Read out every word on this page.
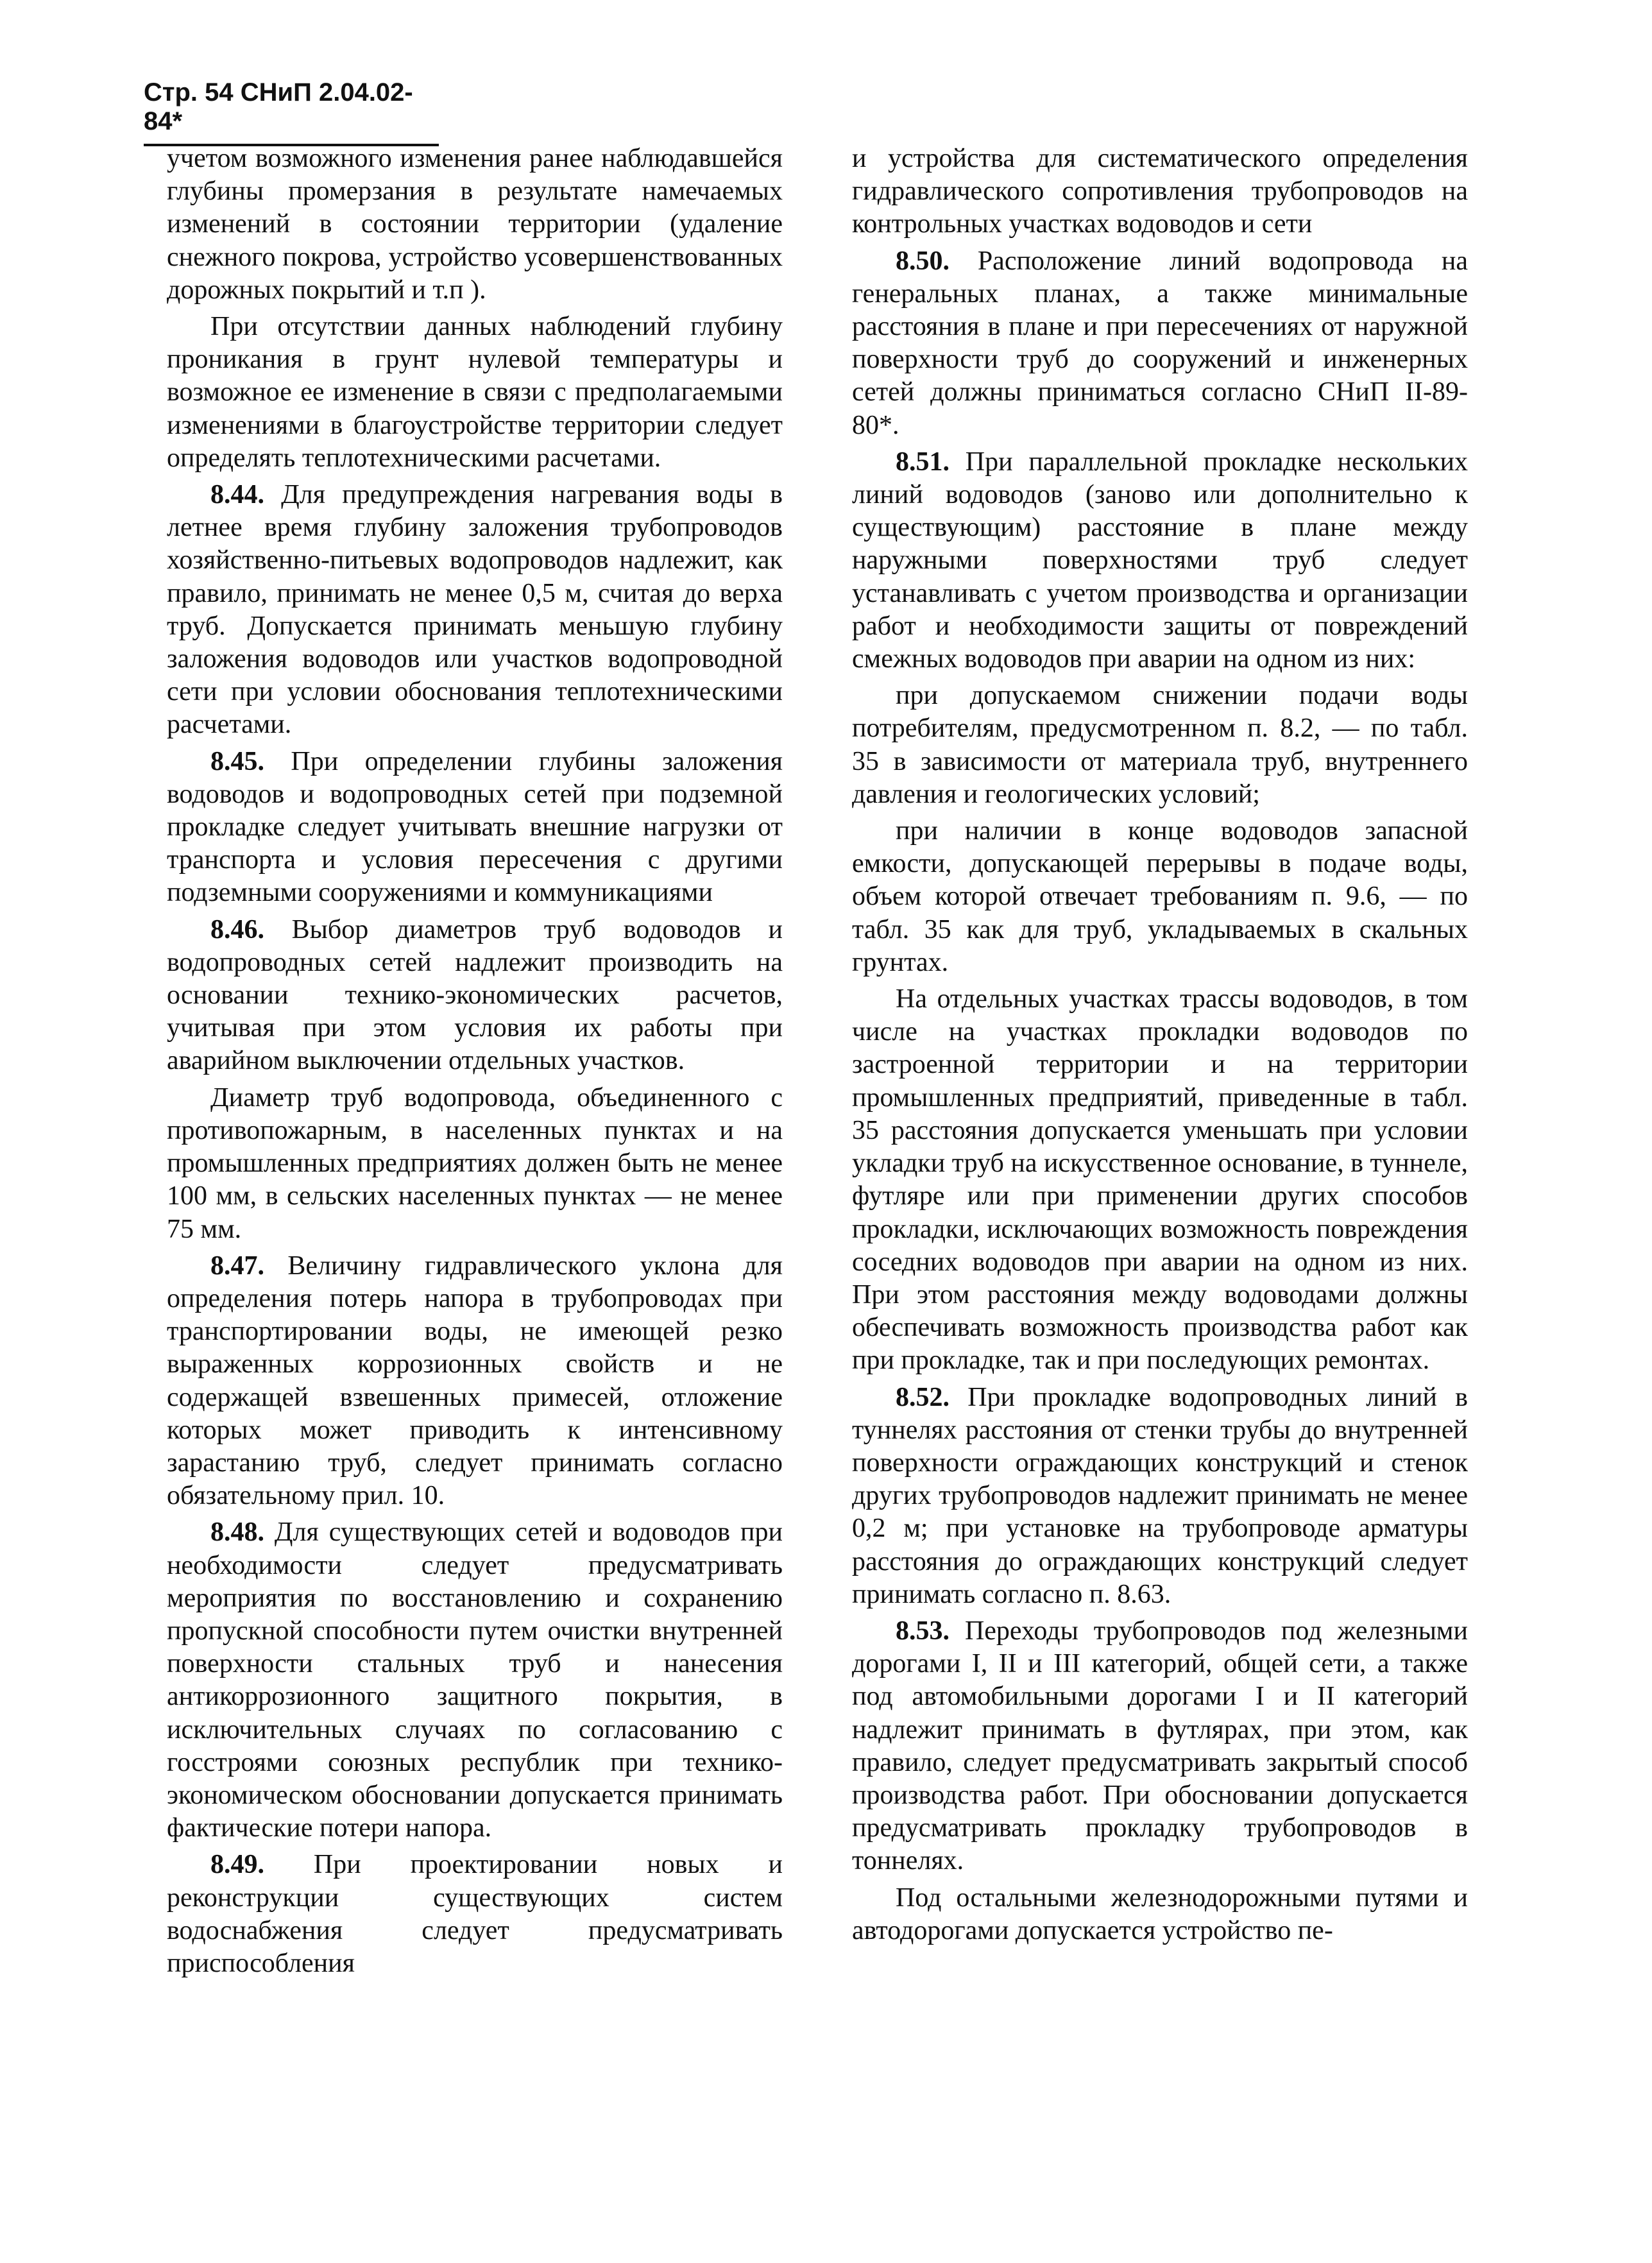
Стр. 54 СНиП 2.04.02-84*

учетом возможного изменения ранее наблюдавшейся глубины промерзания в результате намечаемых изменений в состоянии территории (удаление снежного покрова, устройство усовершенствованных дорожных покрытий и т.п ).

При отсутствии данных наблюдений глубину проникания в грунт нулевой температуры и возможное ее изменение в связи с предполагаемыми изменениями в благоустройстве территории следует определять теплотехническими расчетами.

8.44. Для предупреждения нагревания воды в летнее время глубину заложения трубопроводов хозяйственно-питьевых водопроводов надлежит, как правило, принимать не менее 0,5 м, считая до верха труб. Допускается принимать меньшую глубину заложения водоводов или участков водопроводной сети при условии обоснования теплотехническими расчетами.

8.45. При определении глубины заложения водоводов и водопроводных сетей при подземной прокладке следует учитывать внешние нагрузки от транспорта и условия пересечения с другими подземными сооружениями и коммуникациями

8.46. Выбор диаметров труб водоводов и водопроводных сетей надлежит производить на основании технико-экономических расчетов, учитывая при этом условия их работы при аварийном выключении отдельных участков.

Диаметр труб водопровода, объединенного с противопожарным, в населенных пунктах и на промышленных предприятиях должен быть не менее 100 мм, в сельских населенных пунктах — не менее 75 мм.

8.47. Величину гидравлического уклона для определения потерь напора в трубопроводах при транспортировании воды, не имеющей резко выраженных коррозионных свойств и не содержащей взвешенных примесей, отложение которых может приводить к интенсивному зарастанию труб, следует принимать согласно обязательному прил. 10.

8.48. Для существующих сетей и водоводов при необходимости следует предусматривать мероприятия по восстановлению и сохранению пропускной способности путем очистки внутренней поверхности стальных труб и нанесения антикоррозионного защитного покрытия, в исключительных случаях по согласованию с госстроями союзных республик при технико-экономическом обосновании допускается принимать фактические потери напора.

8.49. При проектировании новых и реконструкции существующих систем водоснабжения следует предусматривать приспособления

и устройства для систематического определения гидравлического сопротивления трубопроводов на контрольных участках водоводов и сети

8.50. Расположение линий водопровода на генеральных планах, а также минимальные расстояния в плане и при пересечениях от наружной поверхности труб до сооружений и инженерных сетей должны приниматься согласно СНиП II-89-80*.

8.51. При параллельной прокладке нескольких линий водоводов (заново или дополнительно к существующим) расстояние в плане между наружными поверхностями труб следует устанавливать с учетом производства и организации работ и необходимости защиты от повреждений смежных водоводов при аварии на одном из них:

при допускаемом снижении подачи воды потребителям, предусмотренном п. 8.2, — по табл. 35 в зависимости от материала труб, внутреннего давления и геологических условий;

при наличии в конце водоводов запасной емкости, допускающей перерывы в подаче воды, объем которой отвечает требованиям п. 9.6, — по табл. 35 как для труб, укладываемых в скальных грунтах.

На отдельных участках трассы водоводов, в том числе на участках прокладки водоводов по застроенной территории и на территории промышленных предприятий, приведенные в табл. 35 расстояния допускается уменьшать при условии укладки труб на искусственное основание, в туннеле, футляре или при применении других способов прокладки, исключающих возможность повреждения соседних водоводов при аварии на одном из них. При этом расстояния между водоводами должны обеспечивать возможность производства работ как при прокладке, так и при последующих ремонтах.

8.52. При прокладке водопроводных линий в туннелях расстояния от стенки трубы до внутренней поверхности ограждающих конструкций и стенок других трубопроводов надлежит принимать не менее 0,2 м; при установке на трубопроводе арматуры расстояния до ограждающих конструкций следует принимать согласно п. 8.63.

8.53. Переходы трубопроводов под железными дорогами I, II и III категорий, общей сети, а также под автомобильными дорогами I и II категорий надлежит принимать в футлярах, при этом, как правило, следует предусматривать закрытый способ производства работ. При обосновании допускается предусматривать прокладку трубопроводов в тоннелях.

Под остальными железнодорожными путями и автодорогами допускается устройство пе-
